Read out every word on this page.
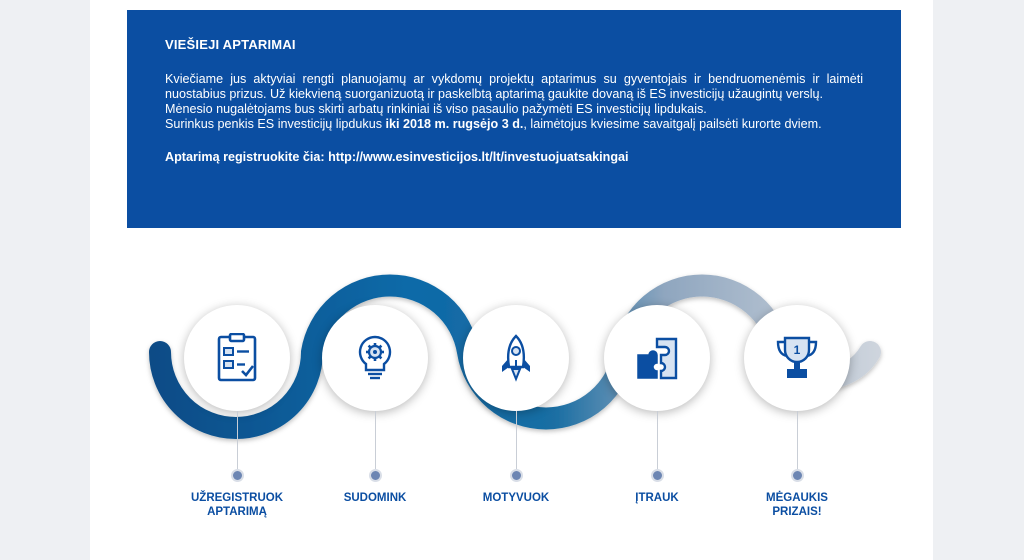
VIEŠIEJI APTARIMAI

Kviečiame jus aktyviai rengti planuojamų ar vykdomų projektų aptarimus su gyventojais ir bendruomenėmis ir laimėti nuostabius prizus. Už kiekvieną suorganizuotą ir paskelbtą aptarimą gaukite dovaną iš ES investicijų užaugintų verslų.
Mėnesio nugalėtojams bus skirti arbatų rinkiniai iš viso pasaulio pažymėti ES investicijų lipdukais.
Surinkus penkis ES investicijų lipdukus iki 2018 m. rugsėjo 3 d., laimėtojus kviesime savaitgalį pailsėti kurorte dviem.

Aptarimą registruokite čia: http://www.esinvesticijos.lt/lt/investuojuatsakingai
1
UŽREGISTRUOK APTARIMĄ
SUDOMINK	MOTYVUOK	ĮTRAUK	MĖGAUKIS PRIZAIS!
